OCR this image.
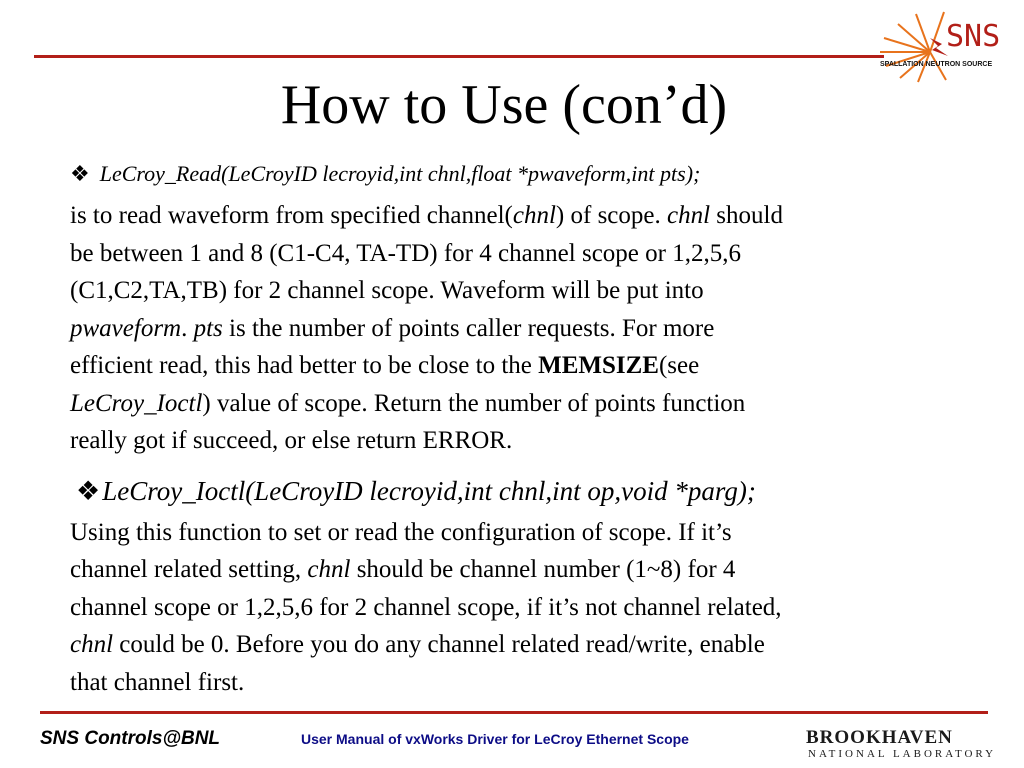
SNS
SPALLATION NEUTRON SOURCE
How to Use (con’d)
❖ LeCroy_Read(LeCroyID lecroyid,int chnl,float *pwaveform,int pts);
is to read waveform from specified channel(chnl) of scope. chnl should
be between 1 and 8 (C1-C4, TA-TD) for 4 channel scope or 1,2,5,6
(C1,C2,TA,TB) for 2 channel scope. Waveform will be put into
pwaveform. pts is the number of points caller requests. For more
efficient read, this had better to be close to the MEMSIZE(see
LeCroy_Ioctl) value of scope. Return the number of points function
really got if succeed, or else return ERROR.
❖LeCroy_Ioctl(LeCroyID lecroyid,int chnl,int op,void *parg);
Using this function to set or read the configuration of scope. If it’s
channel related setting, chnl should be channel number (1~8) for 4
channel scope or 1,2,5,6 for 2 channel scope, if it’s not channel related,
chnl could be 0. Before you do any channel related read/write, enable
that channel first.
SNS Controls@BNL	User Manual of vxWorks Driver for LeCroy Ethernet Scope	BROOKHAVEN
NATIONAL LABORATORY
